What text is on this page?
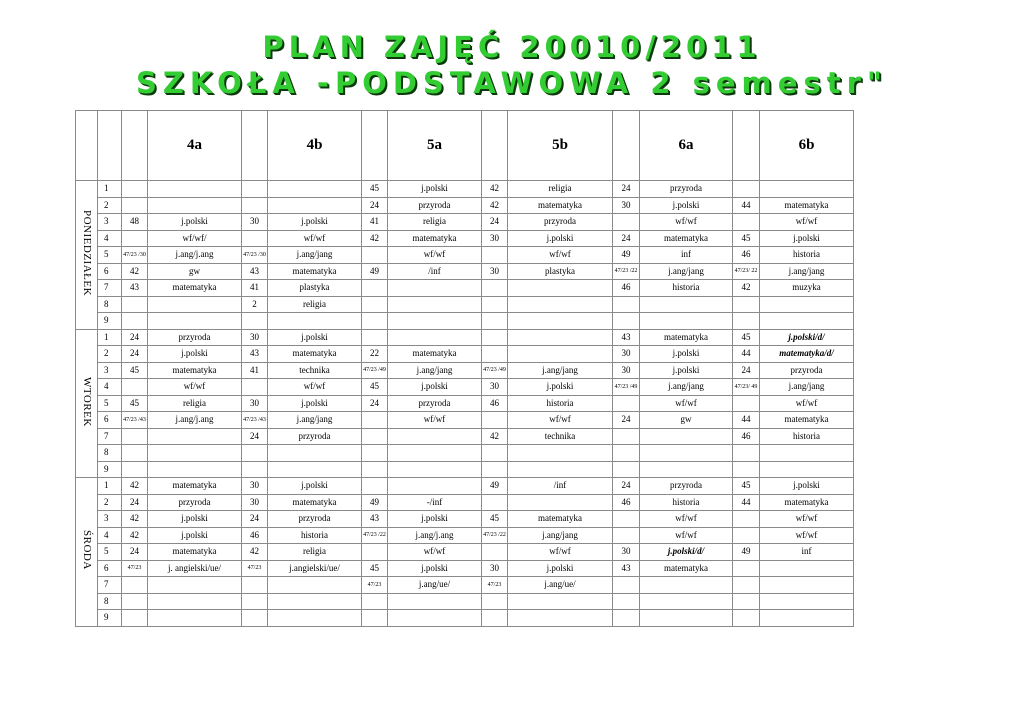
PLAN ZAJĘĆ 20010/2011
SZKOŁA -PODSTAWOWA 2 semestr"
			4a		4b		5a		5b		6a		6b
PONIEDZIAŁEK	1					45	j.polski	42	religia	24	przyroda		
	2					24	przyroda	42	matematyka	30	j.polski	44	matematyka
	3	48	j.polski	30	j.polski	41	religia	24	przyroda		wf/wf		wf/wf
	4		wf/wf/		wf/wf	42	matematyka	30	j.polski	24	matematyka	45	j.polski
	5	47/23 /30	j.ang/j.ang	47/23 /30	j.ang/jang		wf/wf		wf/wf	49	inf	46	historia
	6	42	gw	43	matematyka	49	/inf	30	plastyka	47/23 /22	j.ang/jang	47/23/ 22	j.ang/jang
	7	43	matematyka	41	plastyka					46	historia	42	muzyka
	8			2	religia								
	9												
WTOREK	1	24	przyroda	30	j.polski					43	matematyka	45	j.polski/d/
	2	24	j.polski	43	matematyka	22	matematyka			30	j.polski	44	matematyka/d/
	3	45	matematyka	41	technika	47/23 /49	j.ang/jang	47/23 /49	j.ang/jang	30	j.polski	24	przyroda
	4		wf/wf		wf/wf	45	j.polski	30	j.polski	47/23 /49	j.ang/jang	47/23/ 49	j.ang/jang
	5	45	religia	30	j.polski	24	przyroda	46	historia		wf/wf		wf/wf
	6	47/23 /43	j.ang/j.ang	47/23 /43	j.ang/jang		wf/wf		wf/wf	24	gw	44	matematyka
	7			24	przyroda			42	technika			46	historia
	8												
	9												
ŚRODA	1	42	matematyka	30	j.polski			49	/inf	24	przyroda	45	j.polski
	2	24	przyroda	30	matematyka	49	-/inf			46	historia	44	matematyka
	3	42	j.polski	24	przyroda	43	j.polski	45	matematyka		wf/wf		wf/wf
	4	42	j.polski	46	historia	47/23 /22	j.ang/j.ang	47/23 /22	j.ang/jang		wf/wf		wf/wf
	5	24	matematyka	42	religia		wf/wf		wf/wf	30	j.polski/d/	49	inf
	6	47/23	j. angielski/ue/	47/23	j.angielski/ue/	45	j.polski	30	j.polski	43	matematyka		
	7					47/23	j.ang/ue/	47/23	j.ang/ue/				
	8												
	9												
